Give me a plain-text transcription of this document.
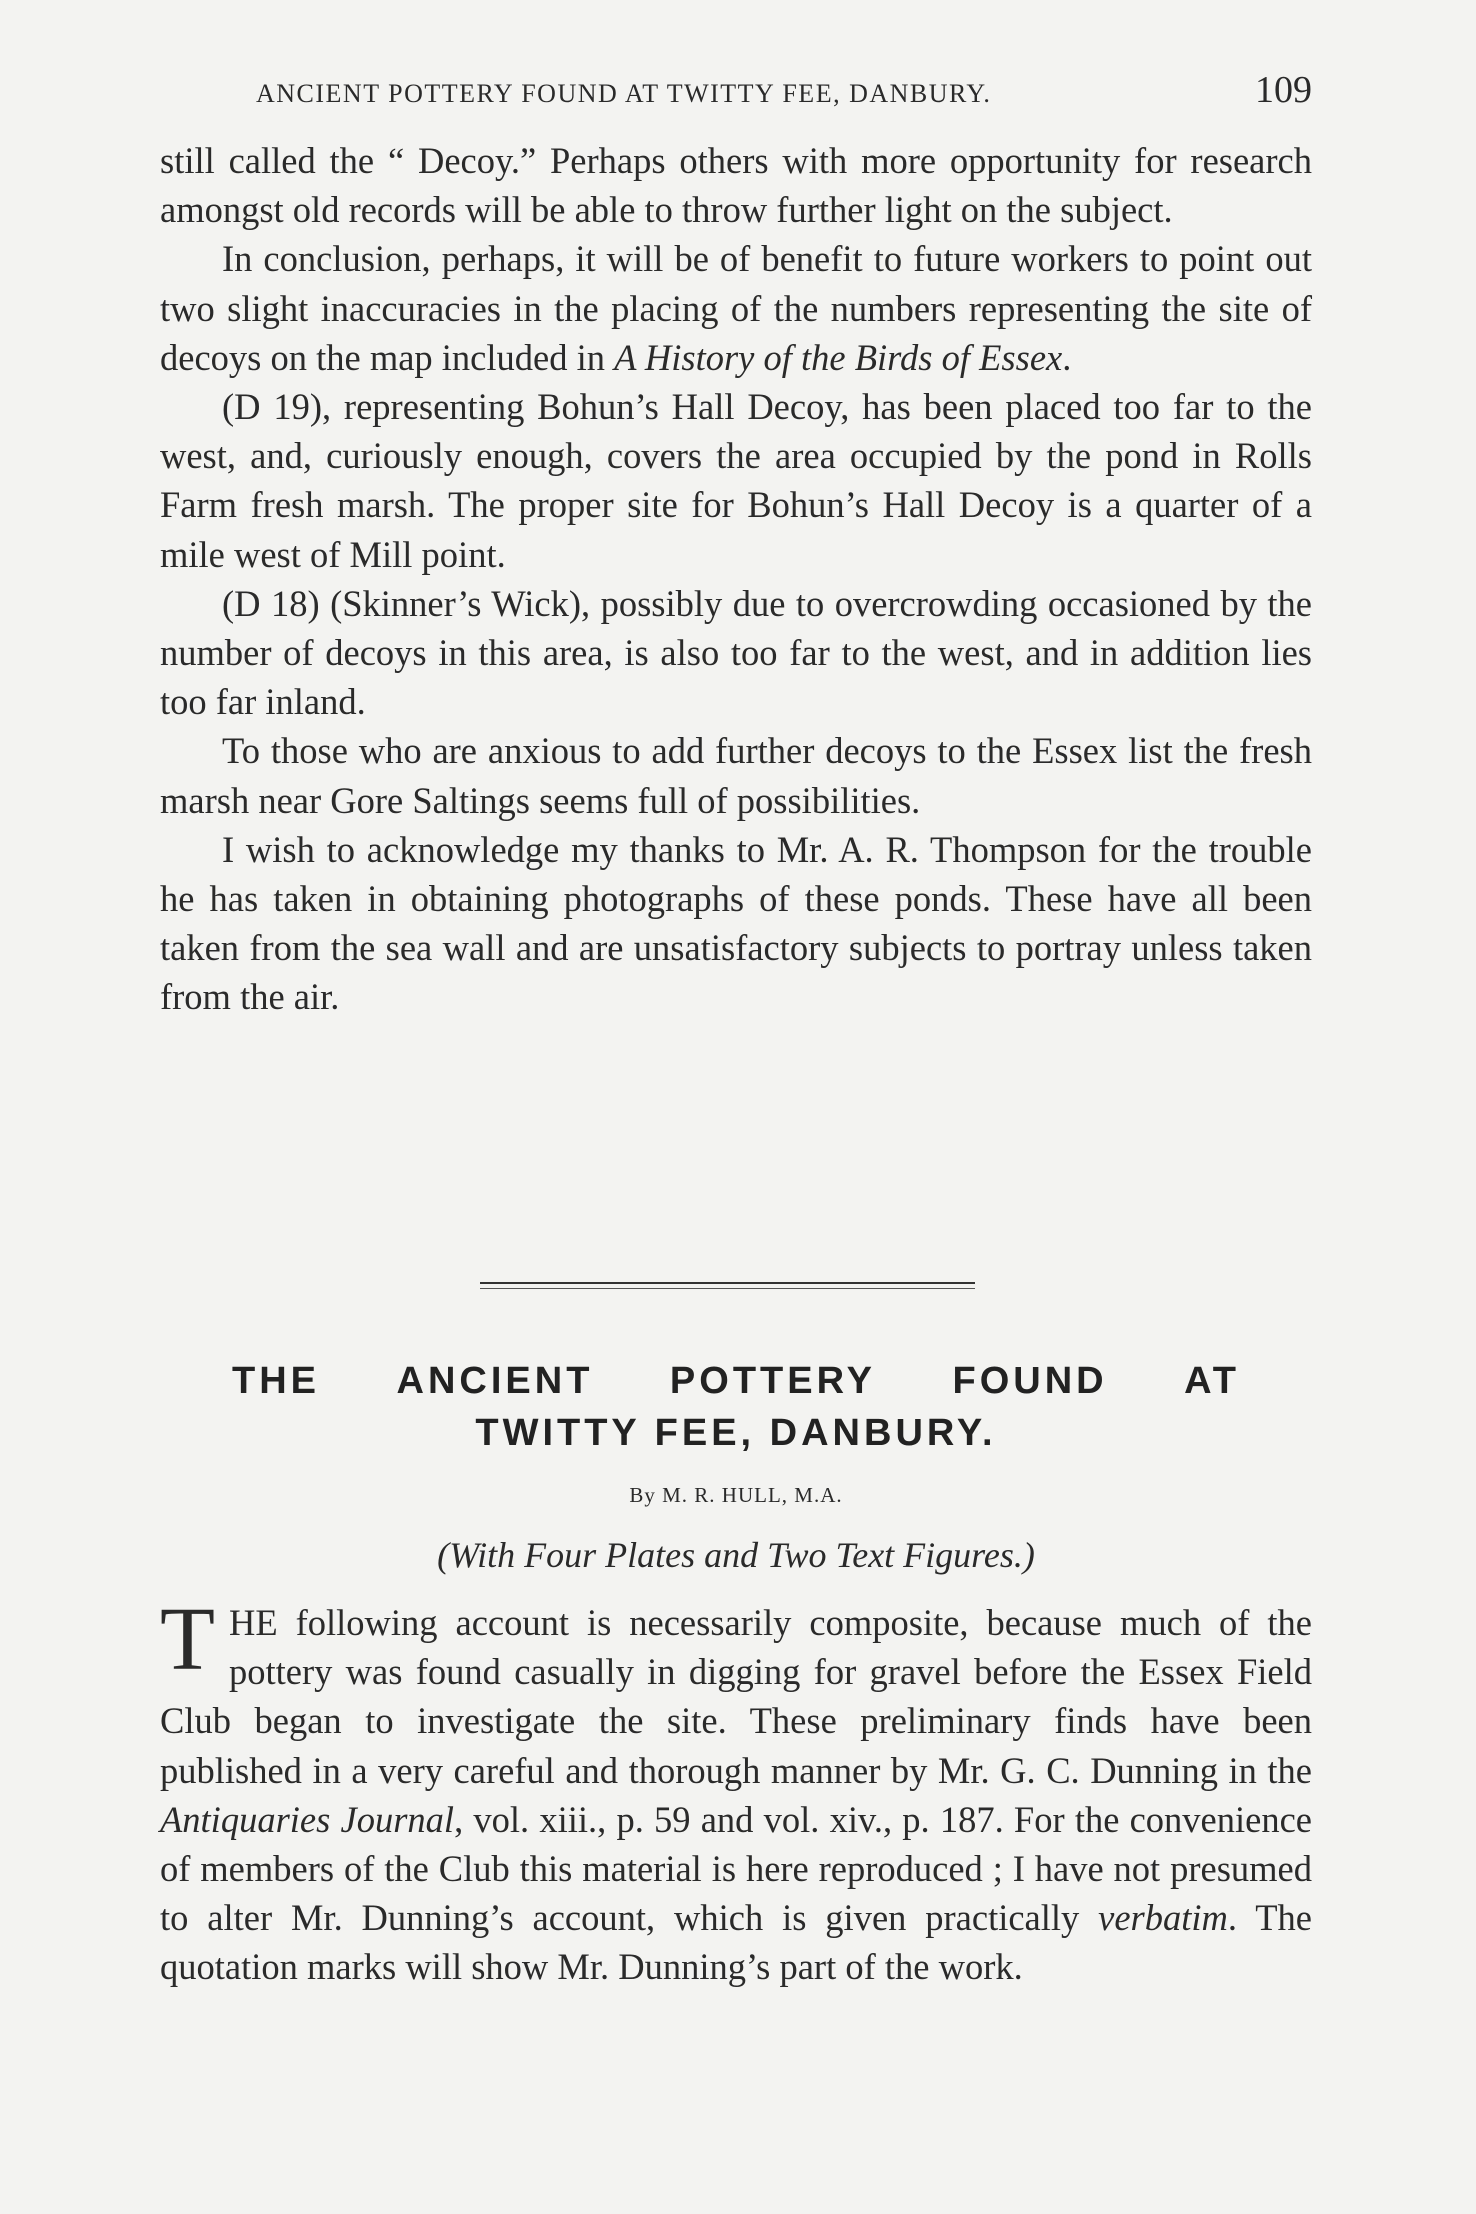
ANCIENT POTTERY FOUND AT TWITTY FEE, DANBURY.	109

still called the “ Decoy.” Perhaps others with more opportunity for research amongst old records will be able to throw further light on the subject.

In conclusion, perhaps, it will be of benefit to future workers to point out two slight inaccuracies in the placing of the numbers representing the site of decoys on the map included in A History of the Birds of Essex.

(D 19), representing Bohun’s Hall Decoy, has been placed too far to the west, and, curiously enough, covers the area occupied by the pond in Rolls Farm fresh marsh. The proper site for Bohun’s Hall Decoy is a quarter of a mile west of Mill point.

(D 18) (Skinner’s Wick), possibly due to overcrowding occasioned by the number of decoys in this area, is also too far to the west, and in addition lies too far inland.

To those who are anxious to add further decoys to the Essex list the fresh marsh near Gore Saltings seems full of possibilities.

I wish to acknowledge my thanks to Mr. A. R. Thompson for the trouble he has taken in obtaining photographs of these ponds. These have all been taken from the sea wall and are unsatisfactory subjects to portray unless taken from the air.

THE ANCIENT POTTERY FOUND AT
TWITTY FEE, DANBURY.
By M. R. HULL, M.A.
(With Four Plates and Two Text Figures.)

THE following account is necessarily composite, because much of the pottery was found casually in digging for gravel before the Essex Field Club began to investigate the site. These preliminary finds have been published in a very careful and thorough manner by Mr. G. C. Dunning in the Antiquaries Journal, vol. xiii., p. 59 and vol. xiv., p. 187. For the convenience of members of the Club this material is here reproduced ; I have not presumed to alter Mr. Dunning’s account, which is given practically verbatim. The quotation marks will show Mr. Dunning’s part of the work.
